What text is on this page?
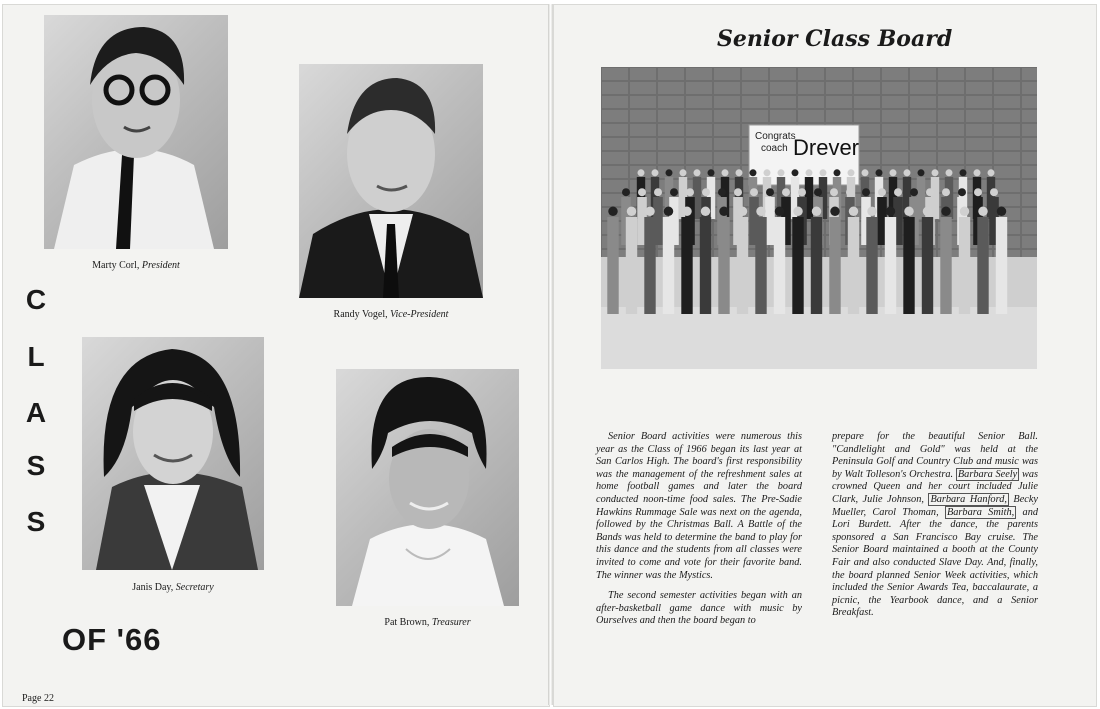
Marty Corl, President
Randy Vogel, Vice-President
Janis Day, Secretary
Pat Brown, Treasurer
C
L
A
S
S
OF '66
Page 22
Senior Class Board
Congrats
coach Drever

Senior Board activities were numerous this year as the Class of 1966 began its last year at San Carlos High. The board's first responsibility was the management of the refreshment sales at home football games and later the board conducted noon-time food sales. The Pre-Sadie Hawkins Rummage Sale was next on the agenda, followed by the Christmas Ball. A Battle of the Bands was held to determine the band to play for this dance and the students from all classes were invited to come and vote for their favorite band. The winner was the Mystics.

The second semester activities began with an after-basketball game dance with music by Ourselves and then the board began to

prepare for the beautiful Senior Ball. "Candlelight and Gold" was held at the Peninsula Golf and Country Club and music was by Walt Tolleson's Orchestra. Barbara Seely was crowned Queen and her court included Julie Clark, Julie Johnson, Barbara Hanford, Becky Mueller, Carol Thoman, Barbara Smith, and Lori Burdett. After the dance, the parents sponsored a San Francisco Bay cruise. The Senior Board maintained a booth at the County Fair and also conducted Slave Day. And, finally, the board planned Senior Week activities, which included the Senior Awards Tea, baccalaurate, a picnic, the Yearbook dance, and a Senior Breakfast.
